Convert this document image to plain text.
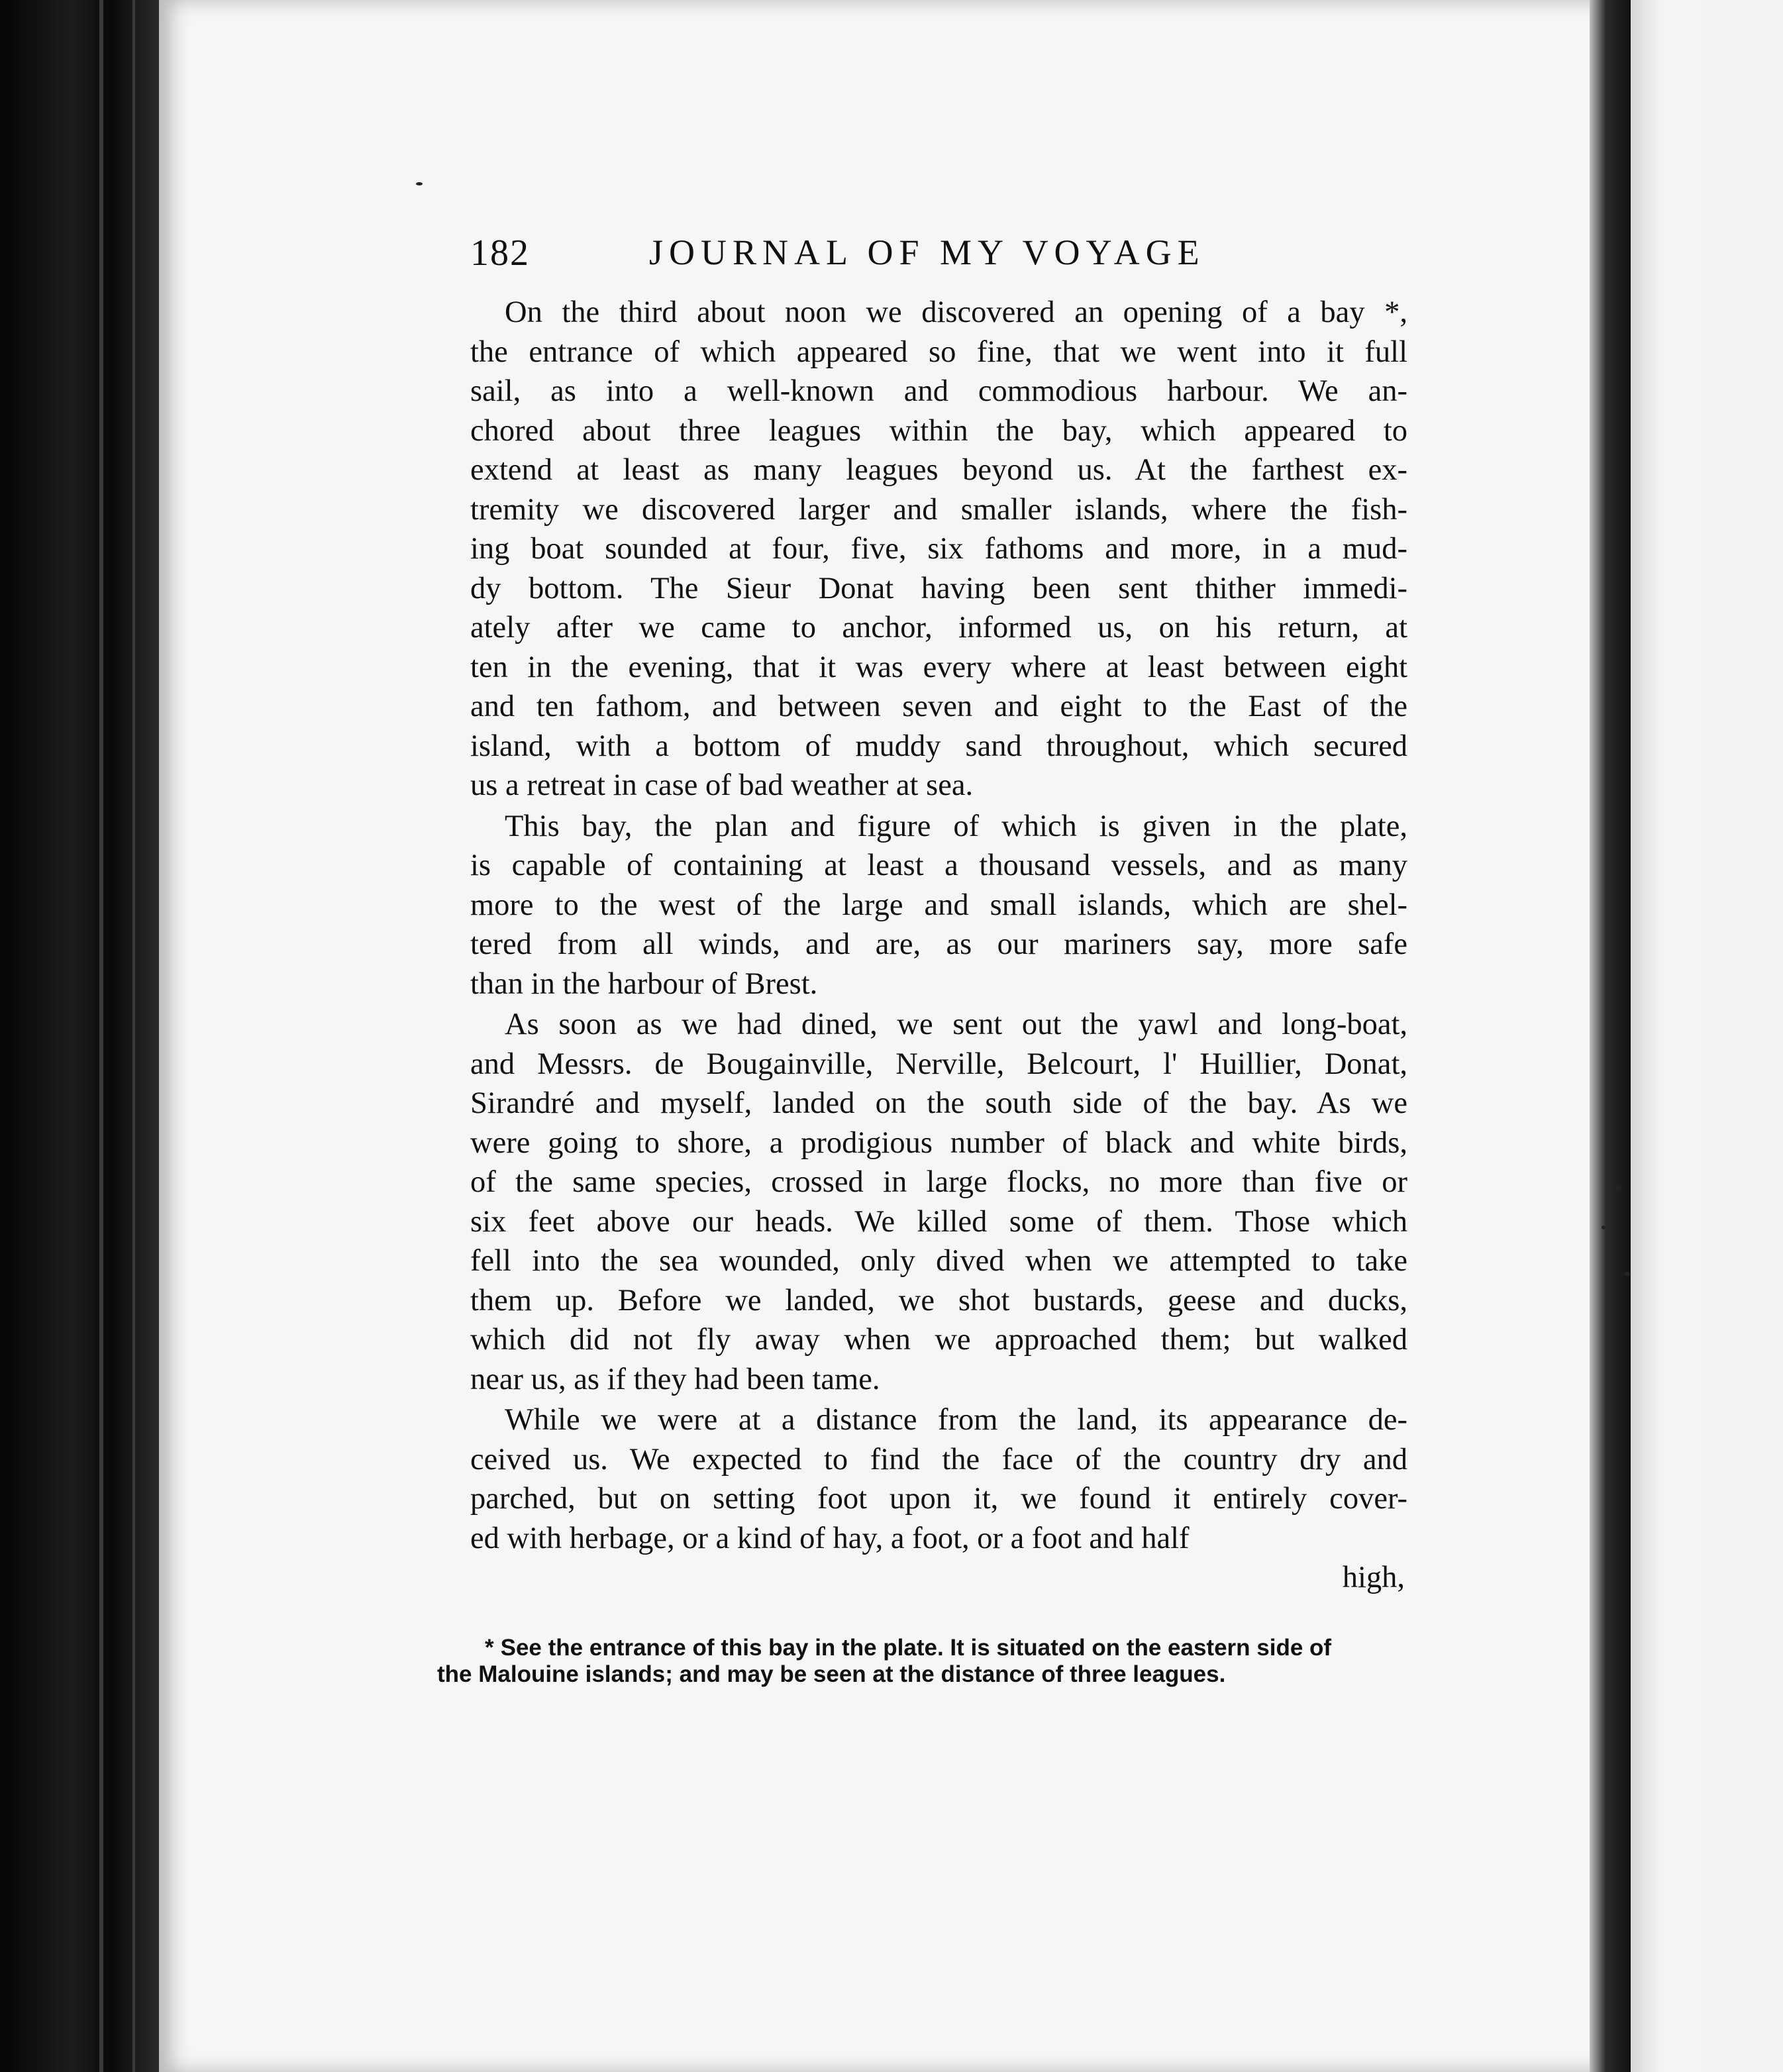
182	JOURNAL OF MY VOYAGE

On the third about noon we discovered an opening of a bay *,
the entrance of which appeared so fine, that we went into it full
sail, as into a well-known and commodious harbour. We an-
chored about three leagues within the bay, which appeared to
extend at least as many leagues beyond us. At the farthest ex-
tremity we discovered larger and smaller islands, where the fish-
ing boat sounded at four, five, six fathoms and more, in a mud-
dy bottom. The Sieur Donat having been sent thither immedi-
ately after we came to anchor, informed us, on his return, at
ten in the evening, that it was every where at least between eight
and ten fathom, and between seven and eight to the East of the
island, with a bottom of muddy sand throughout, which secured
us a retreat in case of bad weather at sea.

This bay, the plan and figure of which is given in the plate,
is capable of containing at least a thousand vessels, and as many
more to the west of the large and small islands, which are shel-
tered from all winds, and are, as our mariners say, more safe
than in the harbour of Brest.

As soon as we had dined, we sent out the yawl and long-boat,
and Messrs. de Bougainville, Nerville, Belcourt, l' Huillier, Donat,
Sirandré and myself, landed on the south side of the bay. As we
were going to shore, a prodigious number of black and white birds,
of the same species, crossed in large flocks, no more than five or
six feet above our heads. We killed some of them. Those which
fell into the sea wounded, only dived when we attempted to take
them up. Before we landed, we shot bustards, geese and ducks,
which did not fly away when we approached them; but walked
near us, as if they had been tame.

While we were at a distance from the land, its appearance de-
ceived us. We expected to find the face of the country dry and
parched, but on setting foot upon it, we found it entirely cover-
ed with herbage, or a kind of hay, a foot, or a foot and half

high,
* See the entrance of this bay in the plate. It is situated on the eastern side of
the Malouine islands; and may be seen at the distance of three leagues.
